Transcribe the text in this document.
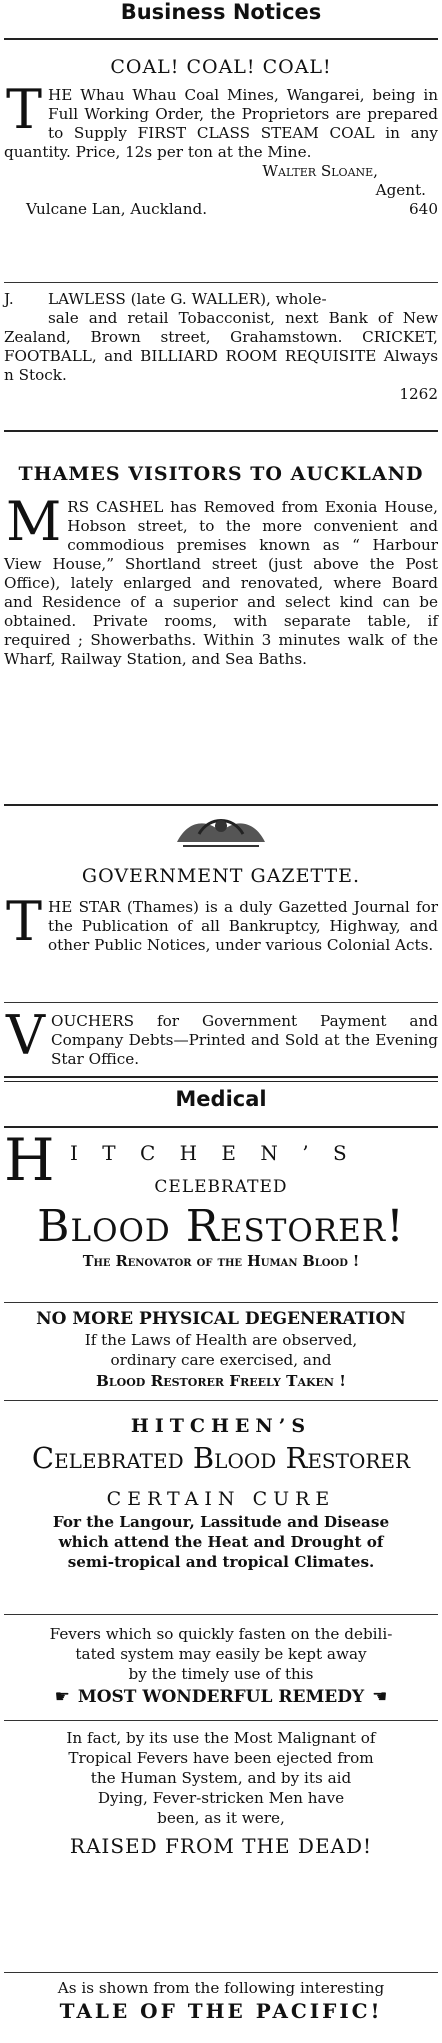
Business Notices
COAL! COAL! COAL!

THE Whau Whau Coal Mines, Wangarei, being in Full Working Order, the Proprietors are prepared to Supply FIRST CLASS STEAM COAL in any quantity. Price, 12s per ton at the Mine.

Walter Sloane,
Agent.
Vulcane Lan, Auckland.	640
J.	LAWLESS (late G. WALLER), whole-

sale and retail Tobacconist, next Bank of New Zealand, Brown street, Grahamstown. CRICKET, FOOTBALL, and BILLIARD ROOM REQUISITE Always n Stock.

1262
THAMES VISITORS TO AUCKLAND

MRS CASHEL has Removed from Exonia House, Hobson street, to the more convenient and commodious premises known as “ Harbour View House,” Shortland street (just above the Post Office), lately enlarged and renovated, where Board and Residence of a superior and select kind can be obtained. Private rooms, with separate table, if required ; Showerbaths. Within 3 minutes walk of the Wharf, Railway Station, and Sea Baths.

GOVERNMENT GAZETTE.

THE STAR (Thames) is a duly Gazetted Journal for the Publication of all Bankruptcy, Highway, and other Public Notices, under various Colonial Acts.

VOUCHERS for Government Payment and Company Debts—Printed and Sold at the Evening Star Office.

Medical
H I T C H E N ’ S
CELEBRATED
Blood Restorer!
The Renovator of the Human Blood !
NO MORE PHYSICAL DEGENERATION
If the Laws of Health are observed,
ordinary care exercised, and
Blood Restorer Freely Taken !
HITCHEN’S
Celebrated Blood Restorer
CERTAIN CURE
For the Langour, Lassitude and Disease
which attend the Heat and Drought of
semi-tropical and tropical Climates.
Fevers which so quickly fasten on the debili-
tated system may easily be kept away
by the timely use of this
☛ MOST WONDERFUL REMEDY ☚
In fact, by its use the Most Malignant of
Tropical Fevers have been ejected from
the Human System, and by its aid
Dying, Fever-stricken Men have
been, as it were,
RAISED FROM THE DEAD!
As is shown from the following interesting
TALE OF THE PACIFIC!
